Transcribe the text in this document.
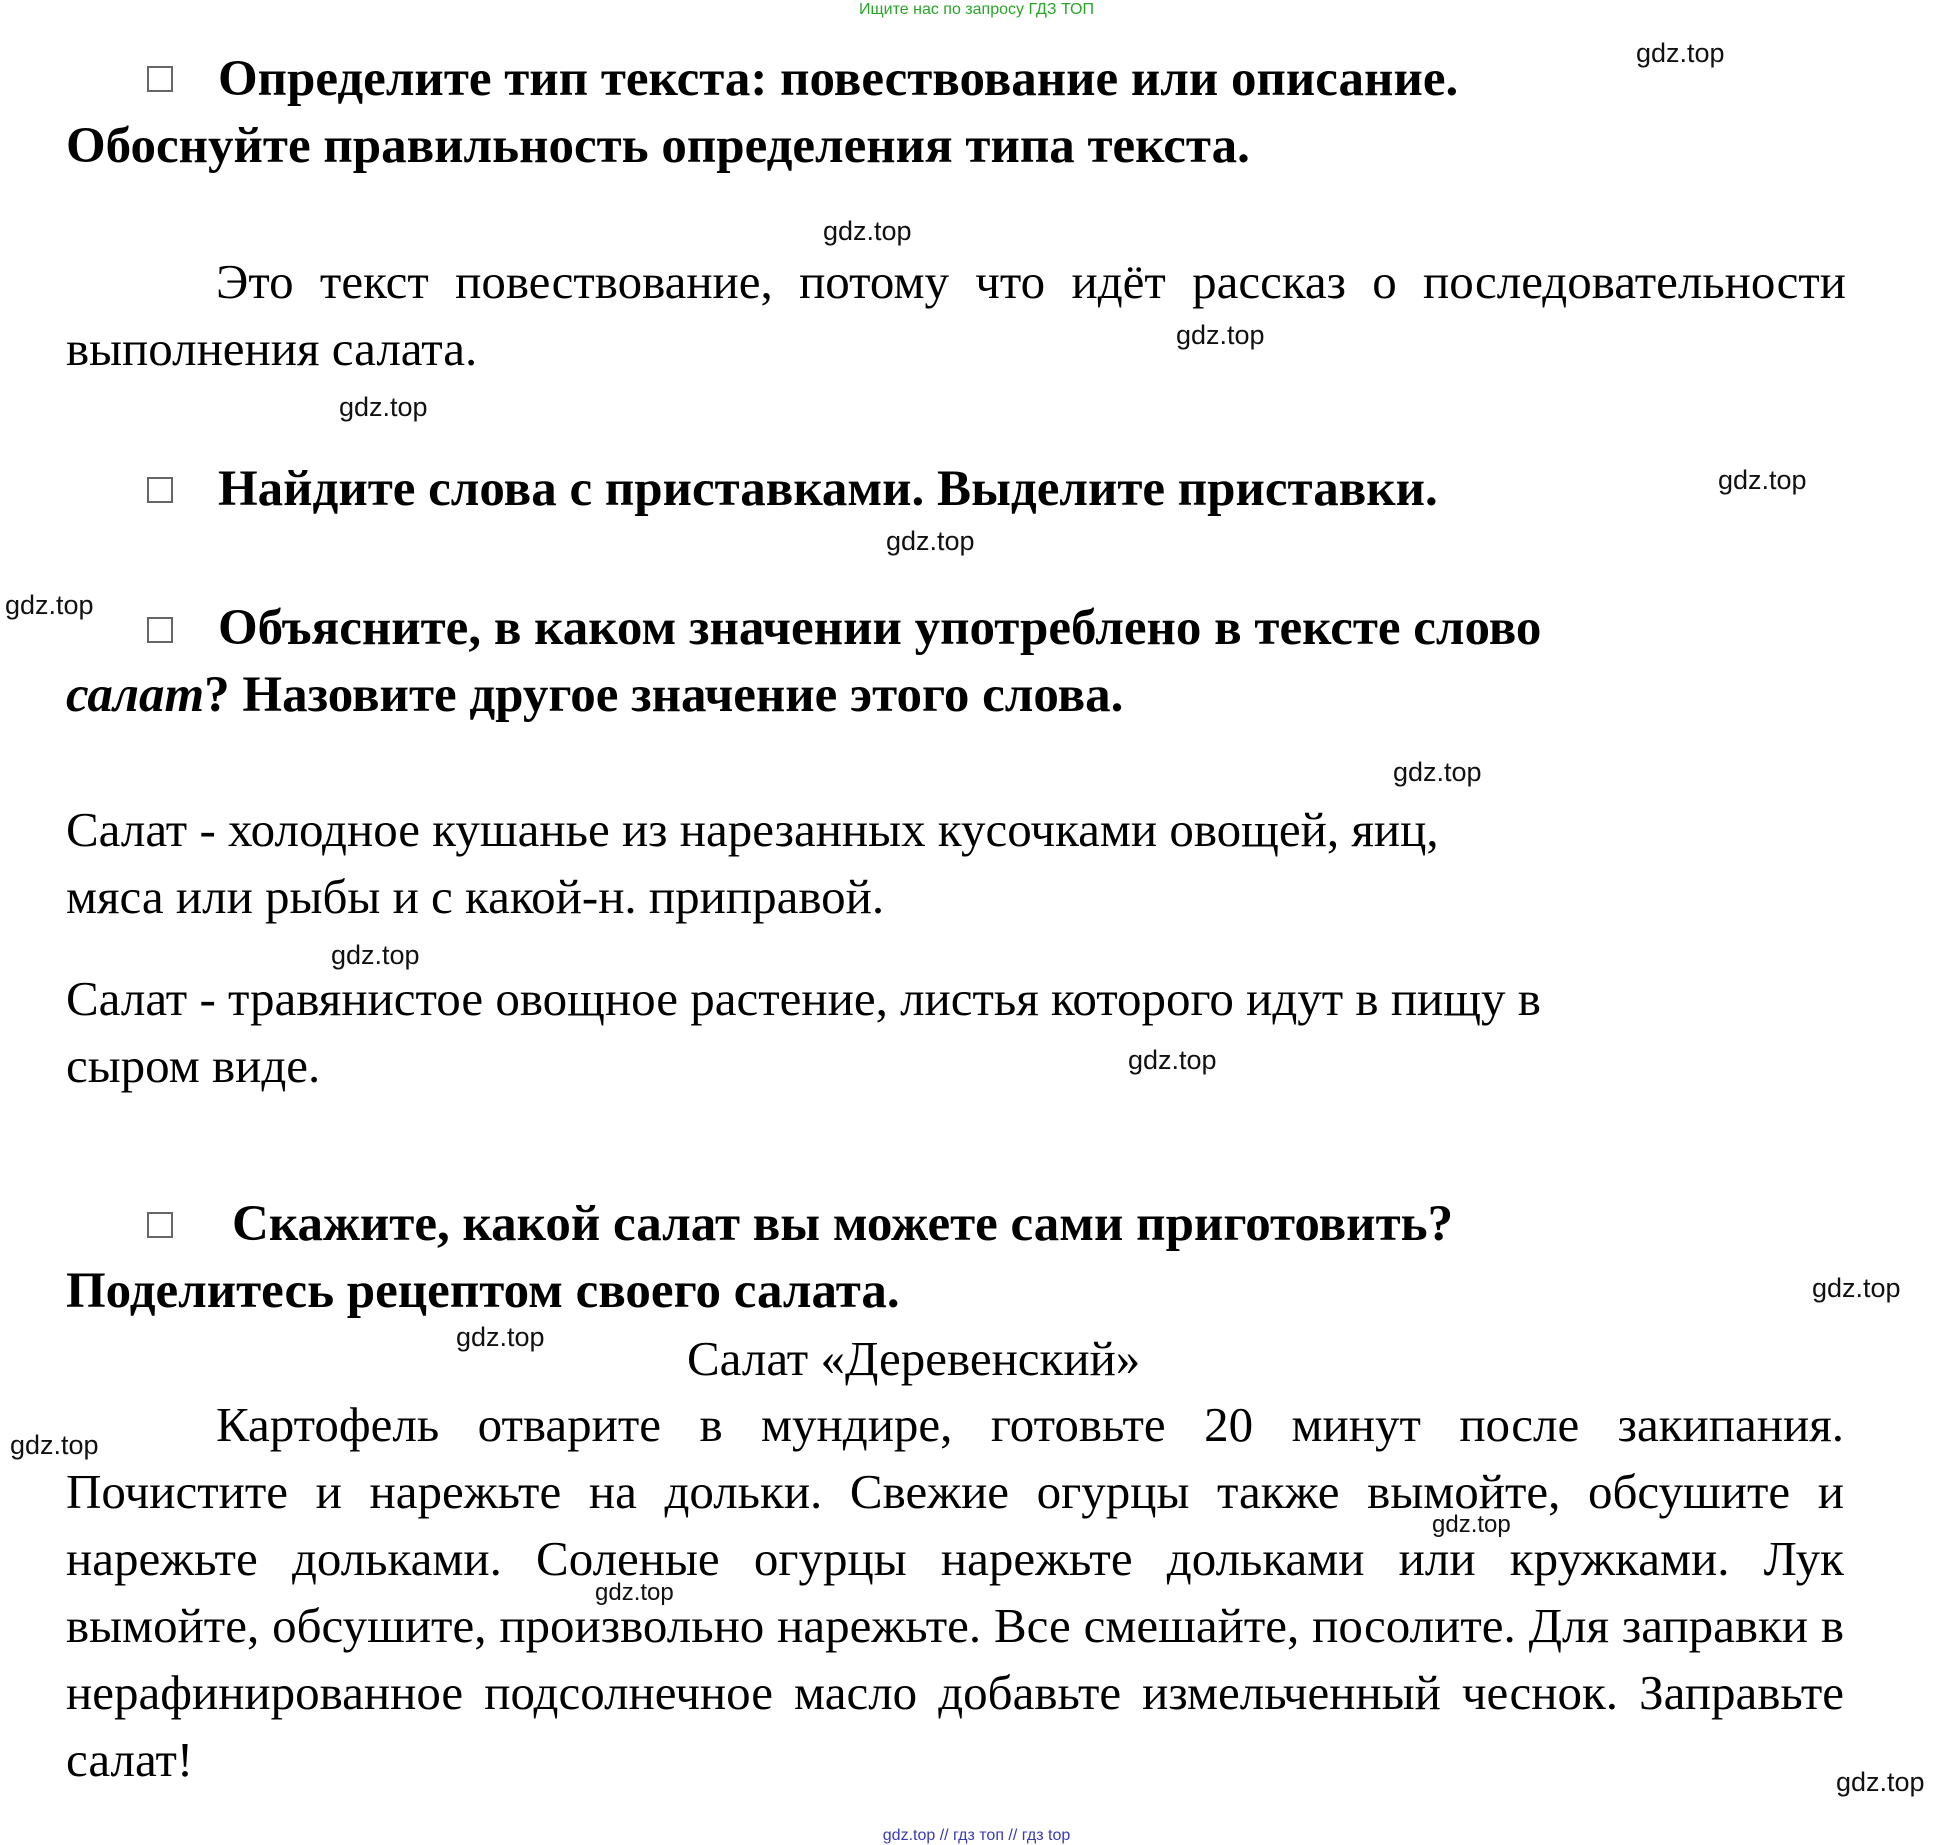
Ищите нас по запросу ГДЗ ТОП
Определите тип текста: повествование или описание.
Обоснуйте правильность определения типа текста.

Это текст повествование, потому что идёт рассказ о последовательности выполнения салата.

Найдите слова с приставками. Выделите приставки.
Объясните, в каком значении употреблено в тексте слово
салат? Назовите другое значение этого слова.
Салат - холодное кушанье из нарезанных кусочками овощей, яиц,
мяса или рыбы и с какой-н. приправой.
Салат - травянистое овощное растение, листья которого идут в пищу в
сыром виде.
Скажите, какой салат вы можете сами приготовить?
Поделитесь рецептом своего салата.
Салат «Деревенский»

Картофель отварите в мундире, готовьте 20 минут после закипания. Почистите и нарежьте на дольки. Свежие огурцы также вымойте, обсушите и нарежьте дольками. Соленые огурцы нарежьте дольками или кружками. Лук вымойте, обсушите, произвольно нарежьте. Все смешайте, посолите. Для заправки в нерафинированное подсолнечное масло добавьте измельченный чеснок. Заправьте салат!

gdz.top
gdz.top
gdz.top
gdz.top
gdz.top
gdz.top
gdz.top
gdz.top
gdz.top
gdz.top
gdz.top
gdz.top
gdz.top
gdz.top
gdz.top
gdz.top
gdz.top // гдз топ // гдз top
